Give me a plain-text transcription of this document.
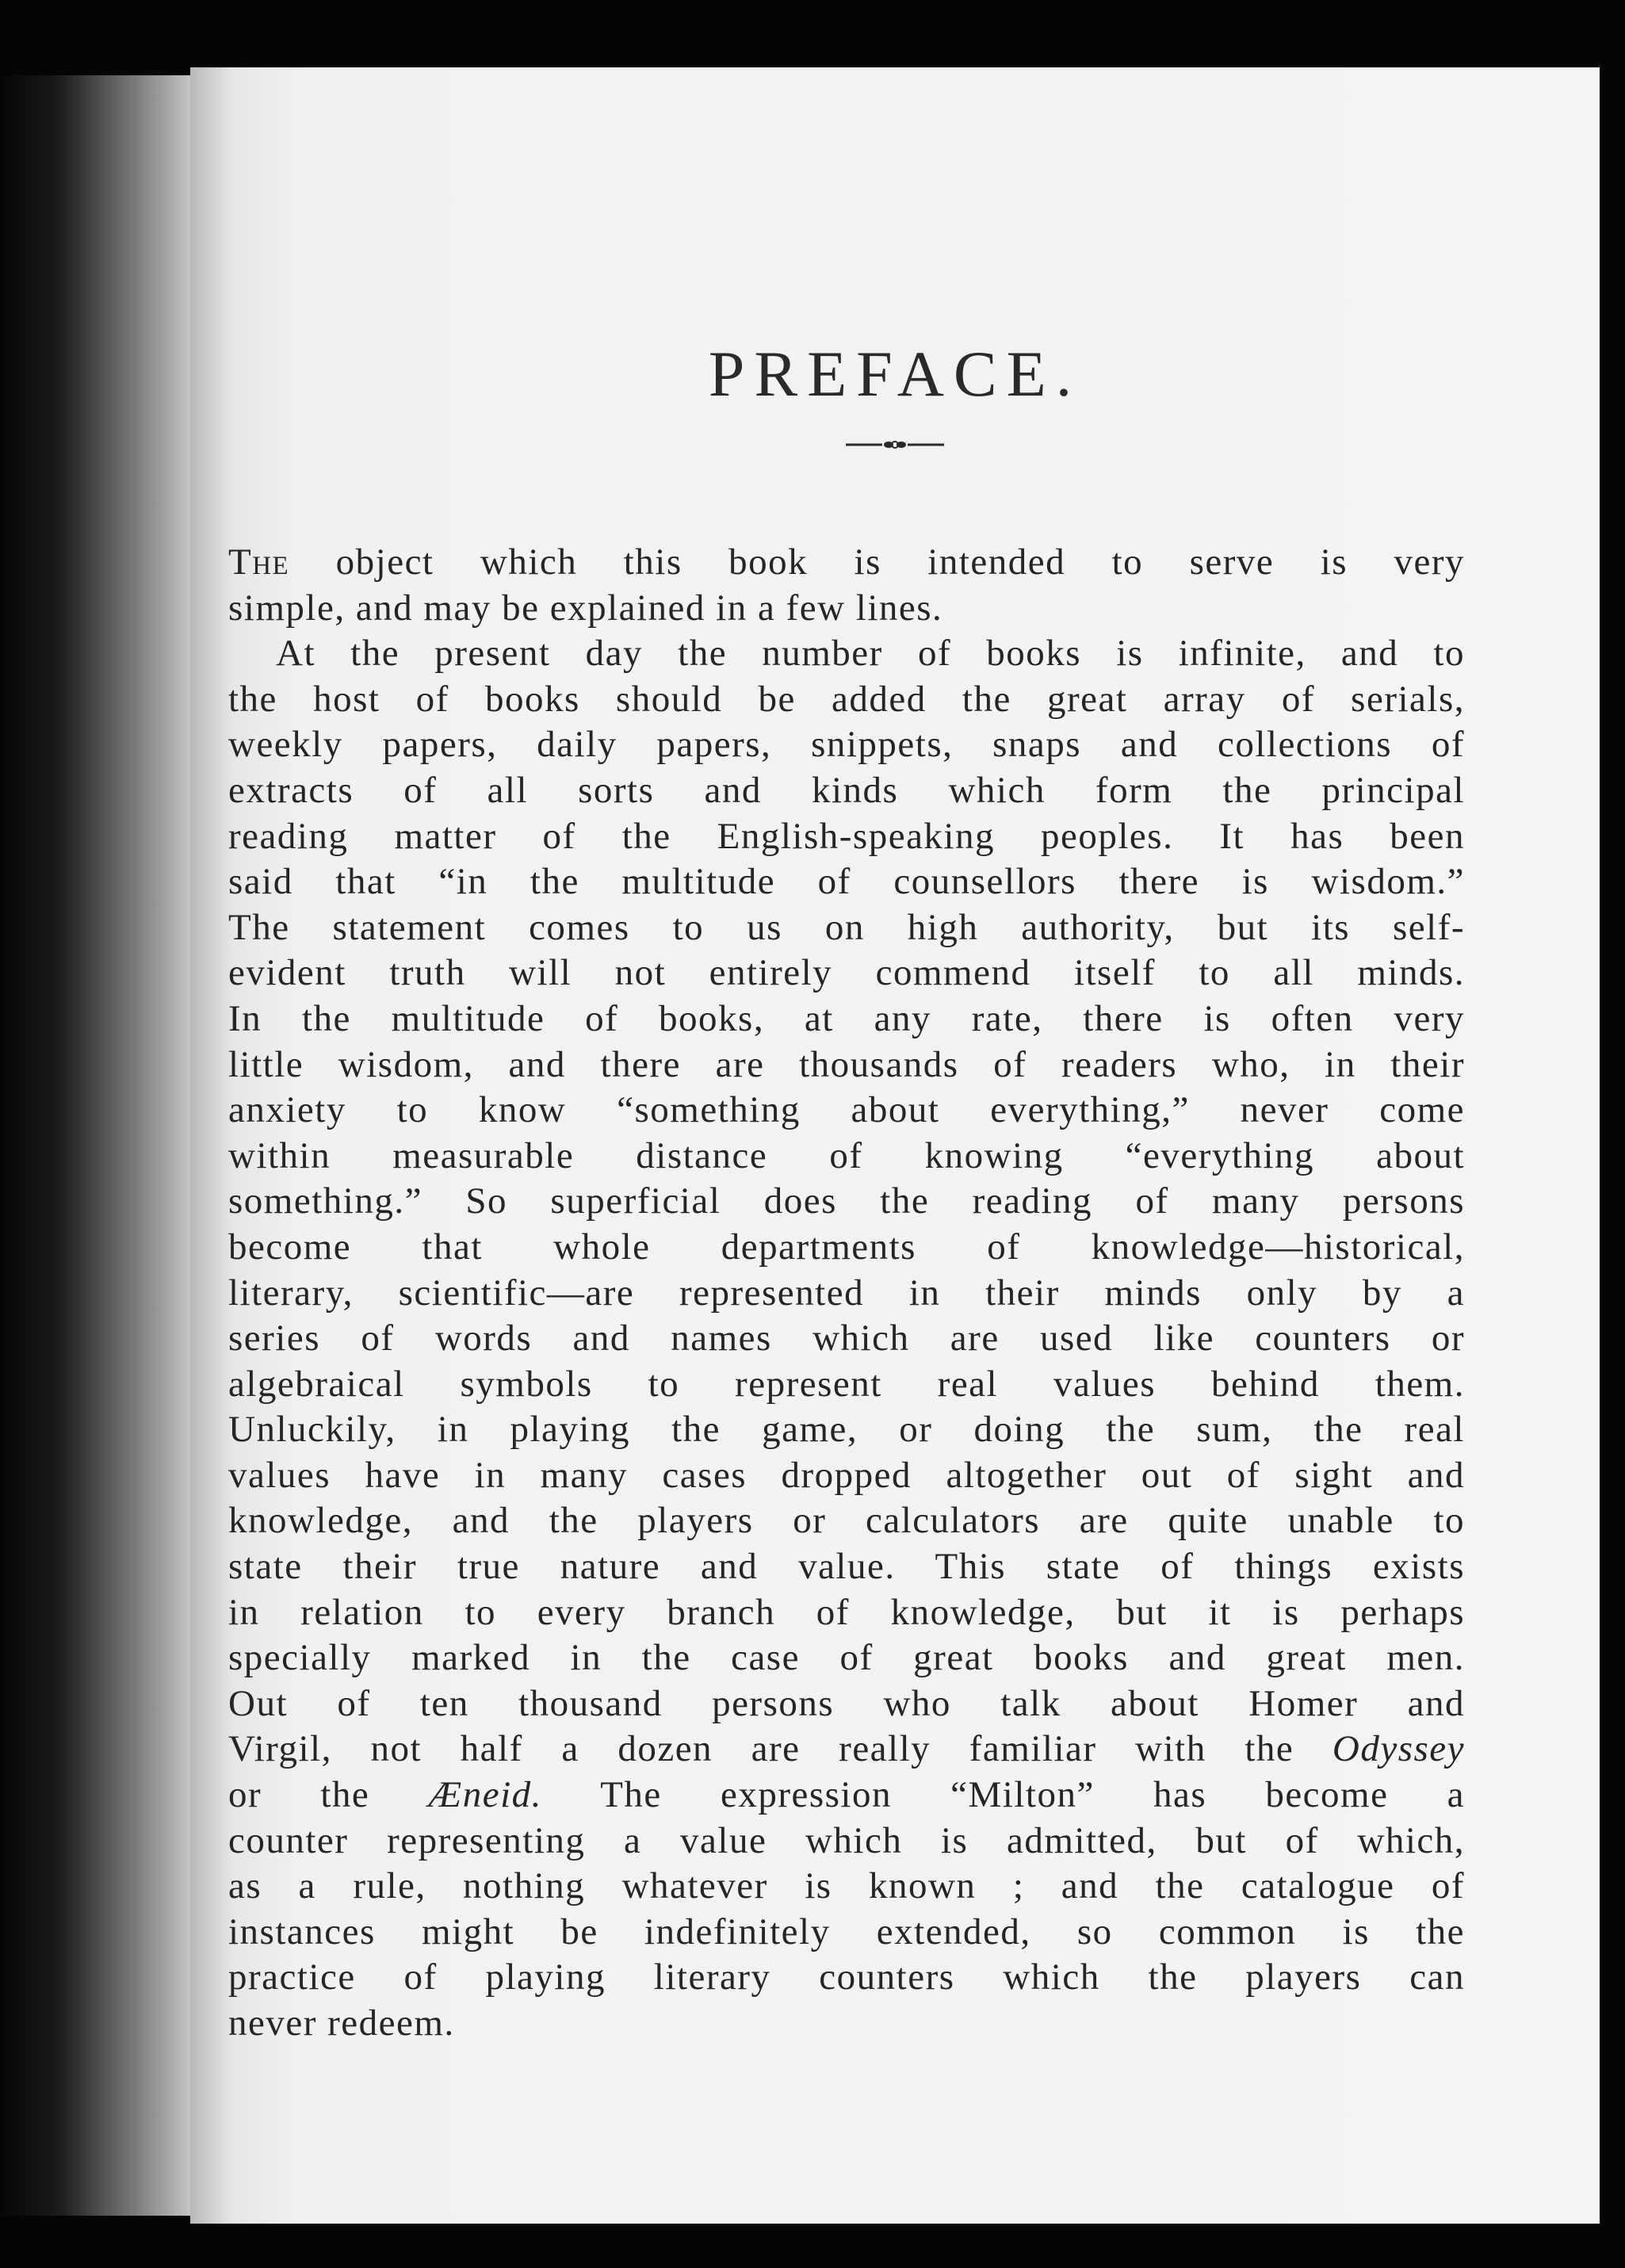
PREFACE.
The object which this book is intended to serve is very
simple, and may be explained in a few lines.
At the present day the number of books is infinite, and to
the host of books should be added the great array of serials,
weekly papers, daily papers, snippets, snaps and collections of
extracts of all sorts and kinds which form the principal
reading matter of the English-speaking peoples. It has been
said that “in the multitude of counsellors there is wisdom.”
The statement comes to us on high authority, but its self-
evident truth will not entirely commend itself to all minds.
In the multitude of books, at any rate, there is often very
little wisdom, and there are thousands of readers who, in their
anxiety to know “something about everything,” never come
within measurable distance of knowing “everything about
something.” So superficial does the reading of many persons
become that whole departments of knowledge—historical,
literary, scientific—are represented in their minds only by a
series of words and names which are used like counters or
algebraical symbols to represent real values behind them.
Unluckily, in playing the game, or doing the sum, the real
values have in many cases dropped altogether out of sight and
knowledge, and the players or calculators are quite unable to
state their true nature and value. This state of things exists
in relation to every branch of knowledge, but it is perhaps
specially marked in the case of great books and great men.
Out of ten thousand persons who talk about Homer and
Virgil, not half a dozen are really familiar with the Odyssey
or the Æneid. The expression “Milton” has become a
counter representing a value which is admitted, but of which,
as a rule, nothing whatever is known ; and the catalogue of
instances might be indefinitely extended, so common is the
practice of playing literary counters which the players can
never redeem.
